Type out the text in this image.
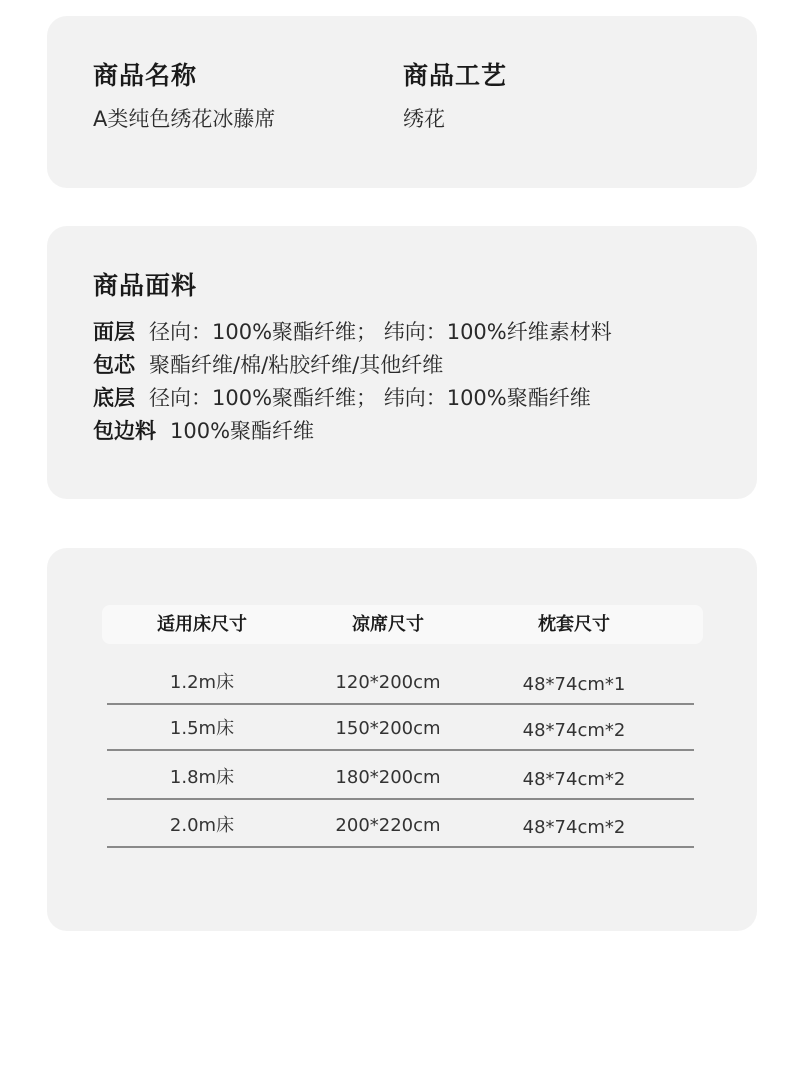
商品名称
A类纯色绣花冰藤席
商品工艺
绣花
商品面料
面层 径向：100%聚酯纤维； 纬向：100%纤维素材料
包芯 聚酯纤维/棉/粘胶纤维/其他纤维
底层径向：100%聚酯纤维； 纬向：100%聚酯纤维
包边料 100%聚酯纤维
适用床尺寸	凉席尺寸	枕套尺寸
1.2m床	120*200cm	48*74cm*1
1.5m床	150*200cm	48*74cm*2
1.8m床	180*200cm	48*74cm*2
2.0m床	200*220cm	48*74cm*2
